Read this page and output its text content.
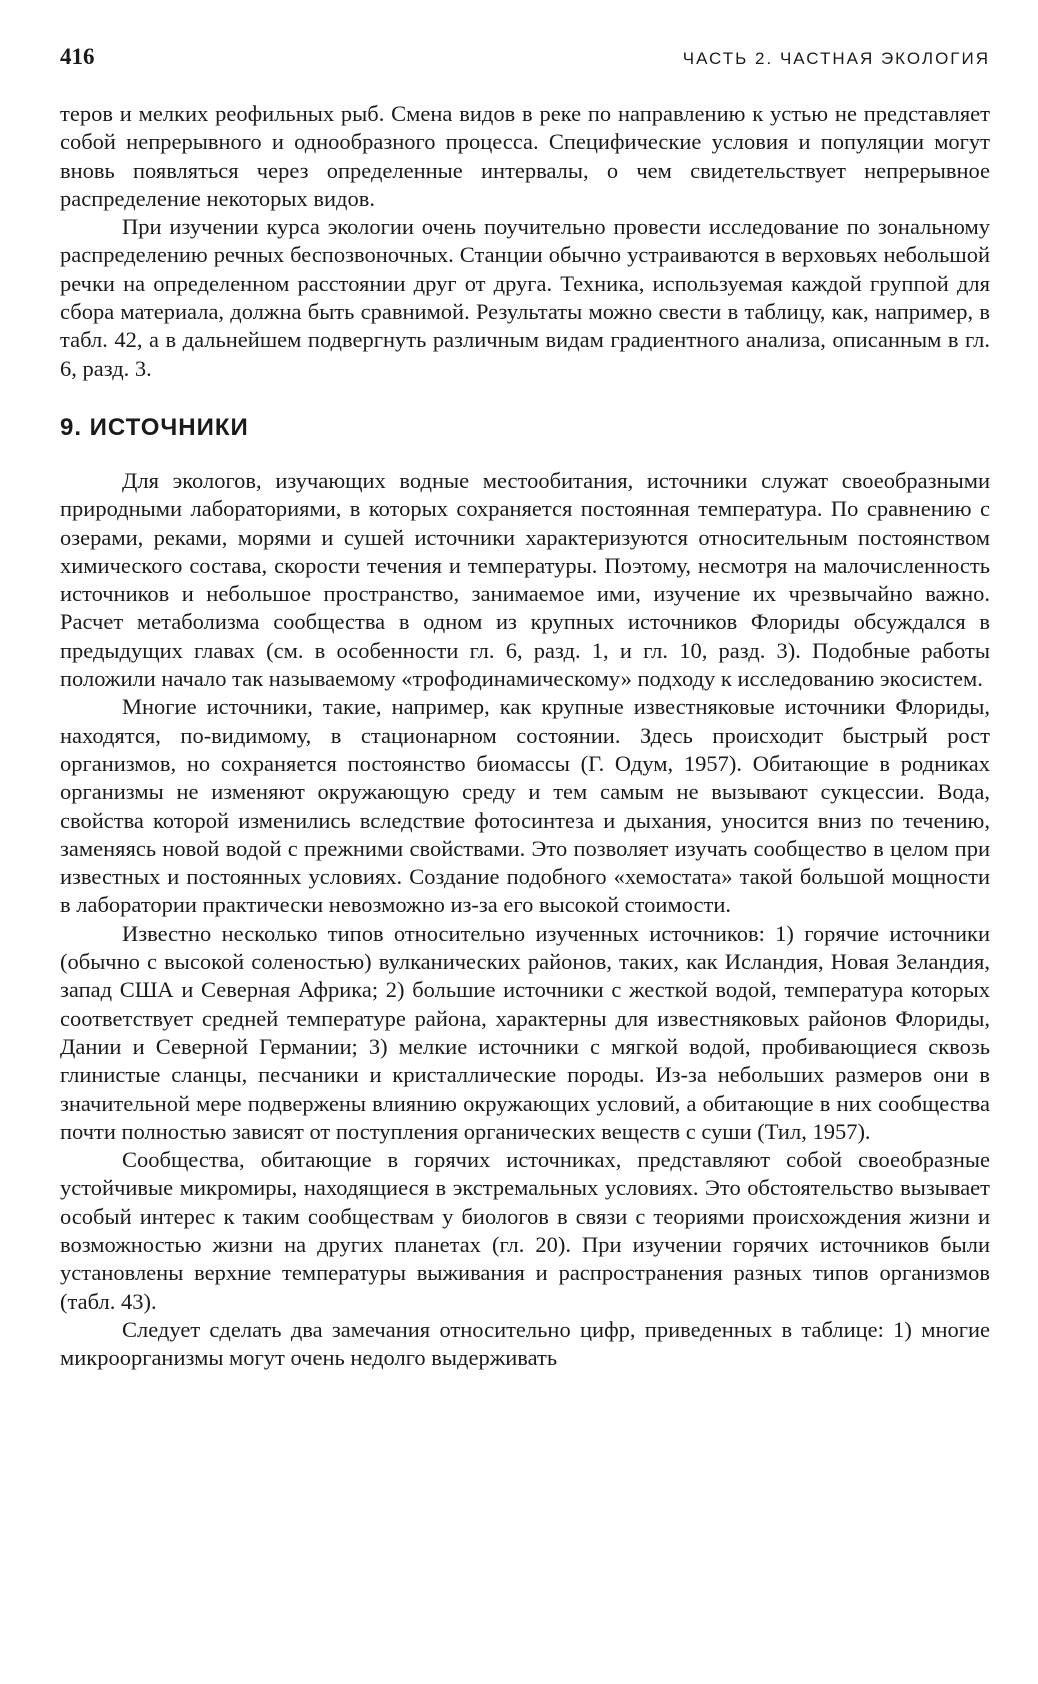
416	ЧАСТЬ 2. ЧАСТНАЯ ЭКОЛОГИЯ

теров и мелких реофильных рыб. Смена видов в реке по направлению к устью не представляет собой непрерывного и однообразного процесса. Специфические условия и популяции могут вновь появляться через определенные интервалы, о чем свидетельствует непрерывное распределение некоторых видов.

При изучении курса экологии очень поучительно провести исследование по зональному распределению речных беспозвоночных. Станции обычно устраиваются в верховьях небольшой речки на определенном расстоянии друг от друга. Техника, используемая каждой группой для сбора материала, должна быть сравнимой. Результаты можно свести в таблицу, как, например, в табл. 42, а в дальнейшем подвергнуть различным видам градиентного анализа, описанным в гл. 6, разд. 3.

9. ИСТОЧНИКИ

Для экологов, изучающих водные местообитания, источники служат своеобразными природными лабораториями, в которых сохраняется постоянная температура. По сравнению с озерами, реками, морями и сушей источники характеризуются относительным постоянством химического состава, скорости течения и температуры. Поэтому, несмотря на малочисленность источников и небольшое пространство, занимаемое ими, изучение их чрезвычайно важно. Расчет метаболизма сообщества в одном из крупных источников Флориды обсуждался в предыдущих главах (см. в особенности гл. 6, разд. 1, и гл. 10, разд. 3). Подобные работы положили начало так называемому «трофодинамическому» подходу к исследованию экосистем.

Многие источники, такие, например, как крупные известняковые источники Флориды, находятся, по-видимому, в стационарном состоянии. Здесь происходит быстрый рост организмов, но сохраняется постоянство биомассы (Г. Одум, 1957). Обитающие в родниках организмы не изменяют окружающую среду и тем самым не вызывают сукцессии. Вода, свойства которой изменились вследствие фотосинтеза и дыхания, уносится вниз по течению, заменяясь новой водой с прежними свойствами. Это позволяет изучать сообщество в целом при известных и постоянных условиях. Создание подобного «хемостата» такой большой мощности в лаборатории практически невозможно из-за его высокой стоимости.

Известно несколько типов относительно изученных источников: 1) горячие источники (обычно с высокой соленостью) вулканических районов, таких, как Исландия, Новая Зеландия, запад США и Северная Африка; 2) большие источники с жесткой водой, температура которых соответствует средней температуре района, характерны для известняковых районов Флориды, Дании и Северной Германии; 3) мелкие источники с мягкой водой, пробивающиеся сквозь глинистые сланцы, песчаники и кристаллические породы. Из-за небольших размеров они в значительной мере подвержены влиянию окружающих условий, а обитающие в них сообщества почти полностью зависят от поступления органических веществ с суши (Тил, 1957).

Сообщества, обитающие в горячих источниках, представляют собой своеобразные устойчивые микромиры, находящиеся в экстремальных условиях. Это обстоятельство вызывает особый интерес к таким сообществам у биологов в связи с теориями происхождения жизни и возможностью жизни на других планетах (гл. 20). При изучении горячих источников были установлены верхние температуры выживания и распространения разных типов организмов (табл. 43).

Следует сделать два замечания относительно цифр, приведенных в таблице: 1) многие микроорганизмы могут очень недолго выдерживать
